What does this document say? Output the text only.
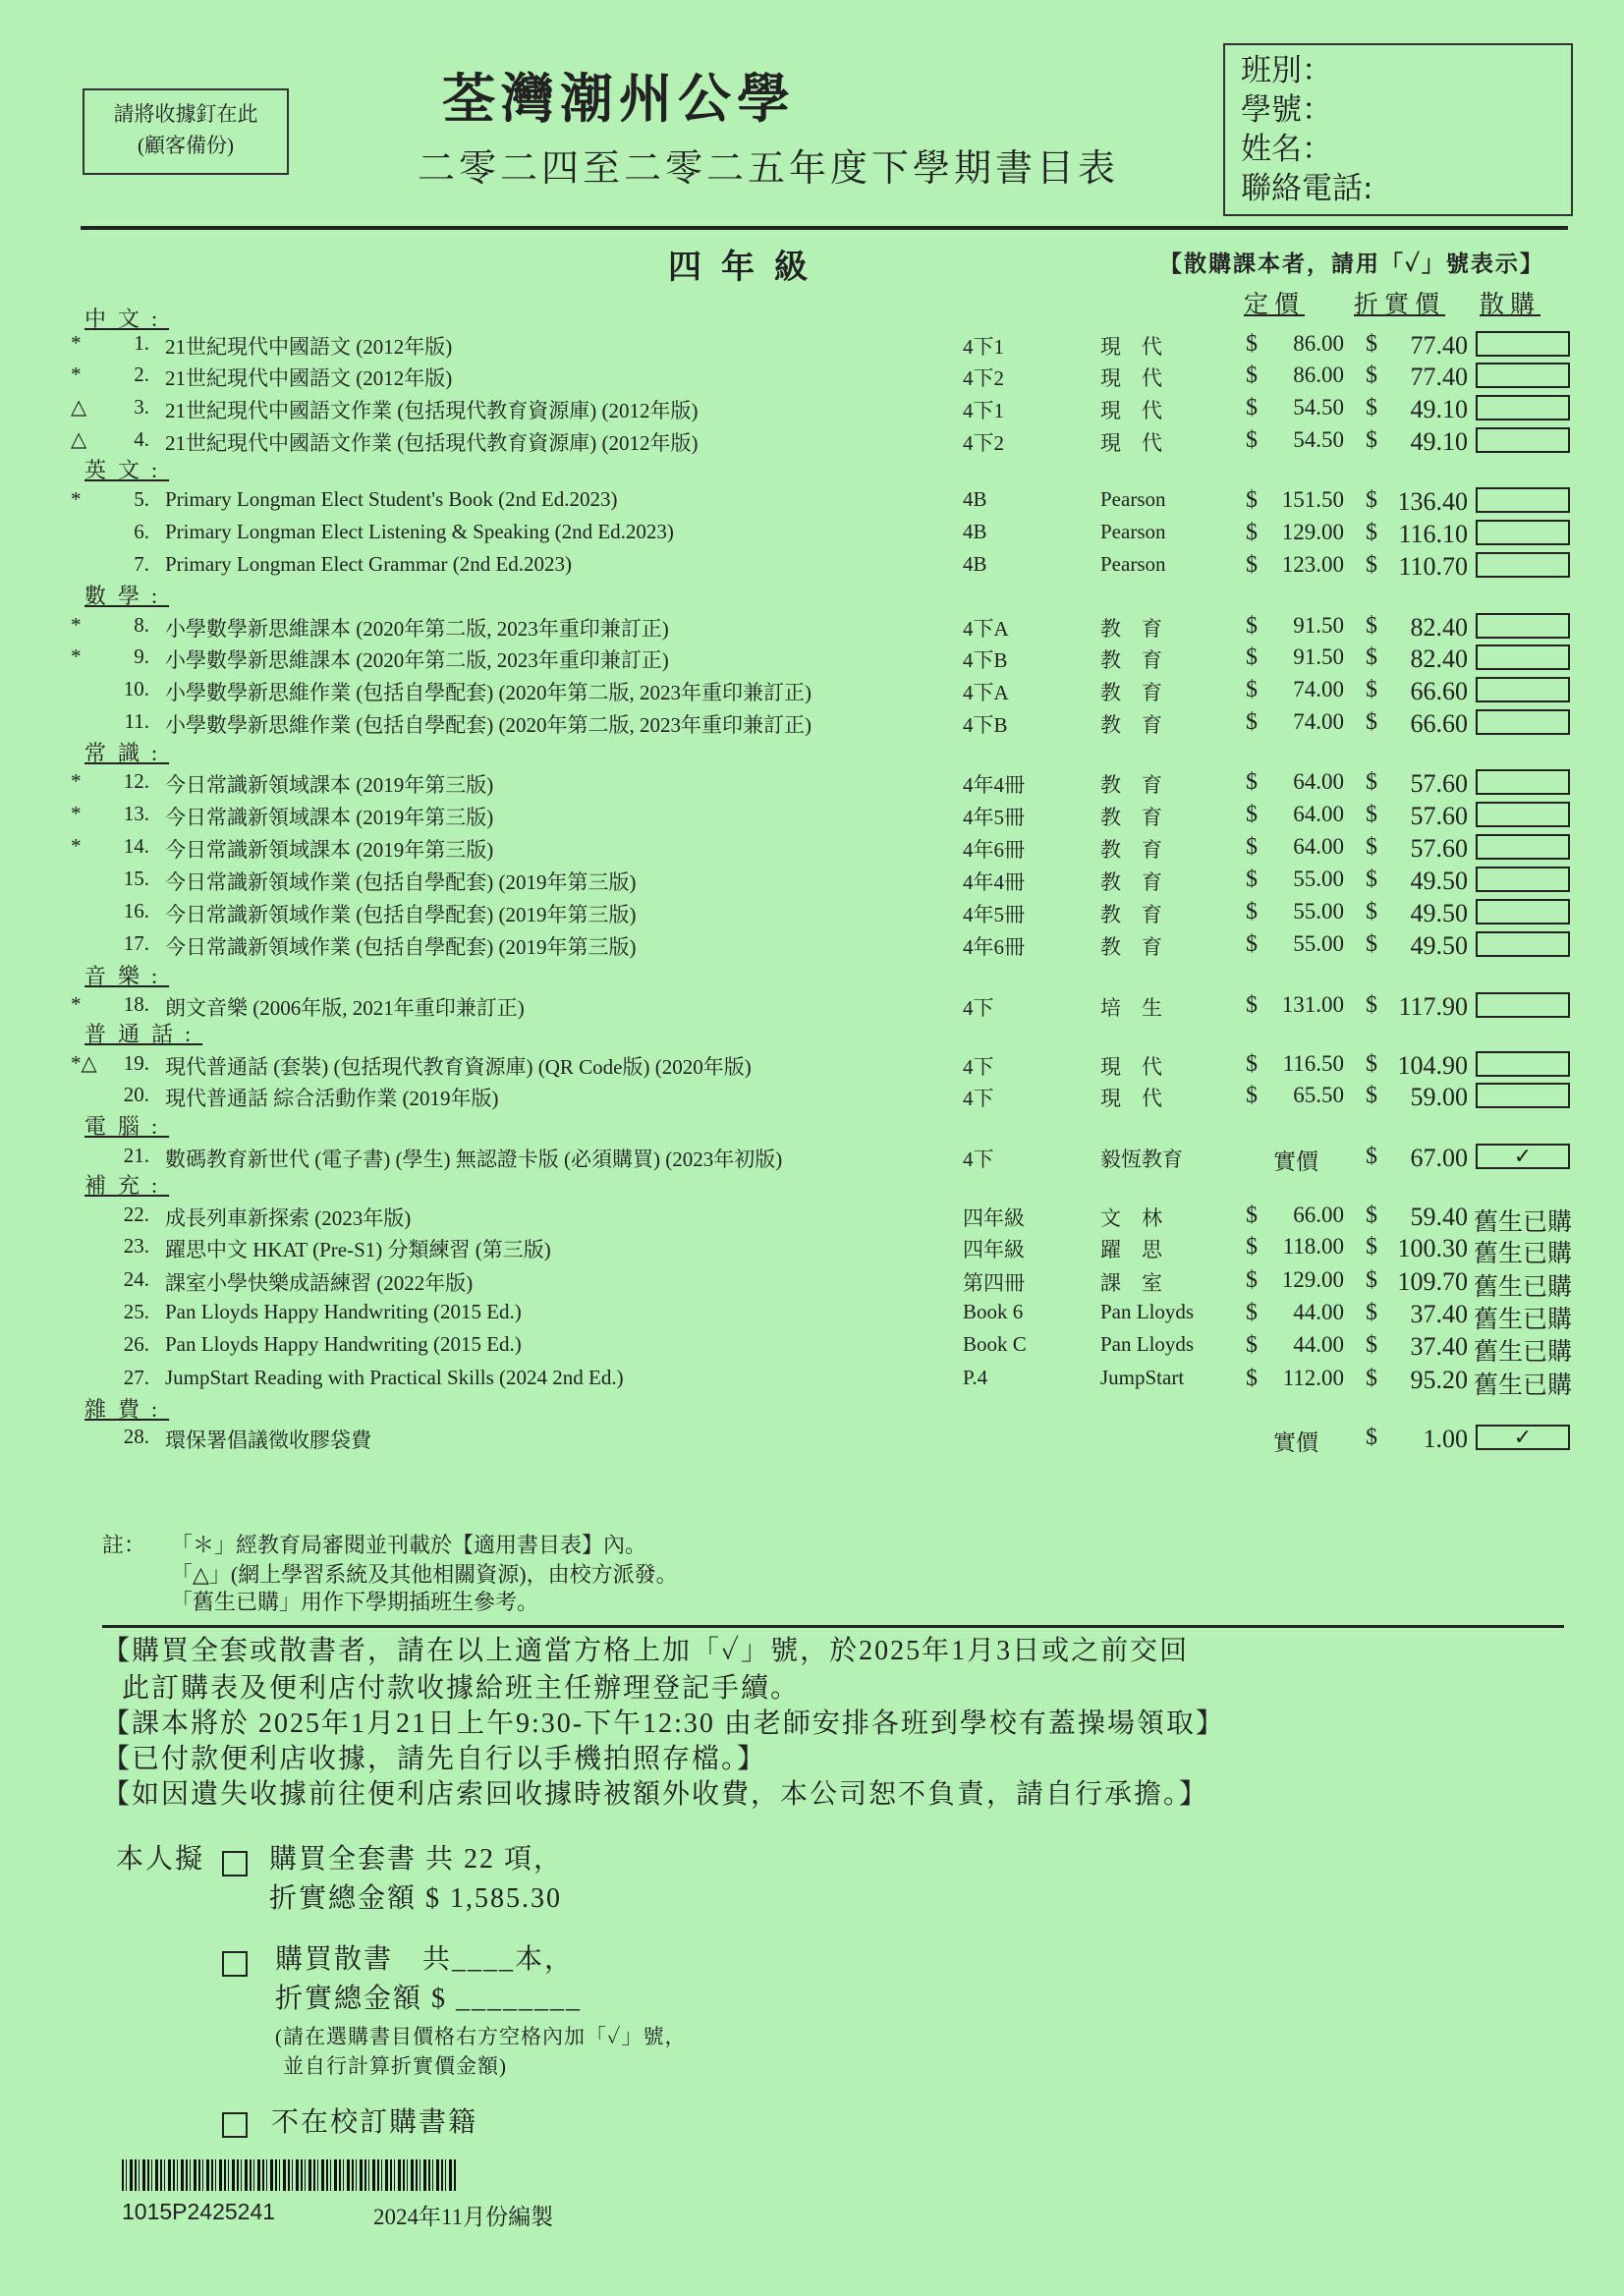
請將收據釘在此
(顧客備份)
荃灣潮州公學
二零二四至二零二五年度下學期書目表
班別：
學號：
姓名：
聯絡電話:
四年級	【散購課本者，請用「✓」號表示】
定價 折實價 散購
中文:
*	1. 21世紀現代中國語文 (2012年版)	4下1	現　代	$	86.00 $	77.40
*	2. 21世紀現代中國語文 (2012年版)	4下2	現　代	$	86.00 $	77.40
△	3. 21世紀現代中國語文作業 (包括現代教育資源庫) (2012年版)	4下1	現　代	$	54.50 $	49.10
△	4. 21世紀現代中國語文作業 (包括現代教育資源庫) (2012年版)	4下2	現　代	$	54.50 $	49.10
英文:
*	5. Primary Longman Elect Student's Book (2nd Ed.2023)	4B	Pearson	$	151.50 $ 136.40
6. Primary Longman Elect Listening & Speaking (2nd Ed.2023)	4B	Pearson	$	129.00 $ 116.10
7. Primary Longman Elect Grammar (2nd Ed.2023)	4B	Pearson	$	123.00 $ 110.70
數學:
*	8. 小學數學新思維課本 (2020年第二版, 2023年重印兼訂正)	4下A	教　育	$	91.50 $	82.40
*	9. 小學數學新思維課本 (2020年第二版, 2023年重印兼訂正)	4下B	教　育	$	91.50 $	82.40
10. 小學數學新思維作業 (包括自學配套) (2020年第二版, 2023年重印兼訂正)	4下A	教　育	$	74.00 $	66.60
11. 小學數學新思維作業 (包括自學配套) (2020年第二版, 2023年重印兼訂正)	4下B	教　育	$	74.00 $	66.60
常識:
*	12. 今日常識新領域課本 (2019年第三版)	4年4冊	教　育	$	64.00 $	57.60
*	13. 今日常識新領域課本 (2019年第三版)	4年5冊	教　育	$	64.00 $	57.60
*	14. 今日常識新領域課本 (2019年第三版)	4年6冊	教　育	$	64.00 $	57.60
15. 今日常識新領域作業 (包括自學配套) (2019年第三版)	4年4冊	教　育	$	55.00 $	49.50
16. 今日常識新領域作業 (包括自學配套) (2019年第三版)	4年5冊	教　育	$	55.00 $	49.50
17. 今日常識新領域作業 (包括自學配套) (2019年第三版)	4年6冊	教　育	$	55.00 $	49.50
音樂:
*	18. 朗文音樂 (2006年版, 2021年重印兼訂正)	4下	培　生	$	131.00 $ 117.90
普通話:
*△	19. 現代普通話 (套裝) (包括現代教育資源庫) (QR Code版) (2020年版)	4下	現　代	$	116.50 $ 104.90
20. 現代普通話 綜合活動作業 (2019年版)	4下	現　代	$	65.50 $	59.00
電腦:
21. 數碼教育新世代 (電子書) (學生) 無認證卡版 (必須購買) (2023年初版)	4下	毅恆教育	實價	$	67.00	✓
補充:
22. 成長列車新探索 (2023年版)	四年級	文　林	$	66.00 $	59.40 舊生已購
23. 躍思中文 HKAT (Pre-S1) 分類練習 (第三版)	四年級	躍　思	$	118.00 $ 100.30 舊生已購
24. 課室小學快樂成語練習 (2022年版)	第四冊	課　室	$	129.00 $ 109.70 舊生已購
25. Pan Lloyds Happy Handwriting (2015 Ed.)	Book 6	Pan Lloyds $	44.00 $	37.40 舊生已購
26. Pan Lloyds Happy Handwriting (2015 Ed.)	Book C	Pan Lloyds $	44.00 $	37.40 舊生已購
27. JumpStart Reading with Practical Skills (2024 2nd Ed.)	P.4	JumpStart	$	112.00 $	95.20 舊生已購
雜費:
28. 環保署倡議徵收膠袋費	實價	$	1.00	✓
註： 「＊」經教育局審閱並刊載於【適用書目表】內。
「△」(網上學習系統及其他相關資源)，由校方派發。
「舊生已購」用作下學期插班生參考。
【購買全套或散書者，請在以上適當方格上加「✓」號，於2025年1月3日或之前交回
此訂購表及便利店付款收據給班主任辦理登記手續。
【課本將於 2025年1月21日上午9:30-下午12:30 由老師安排各班到學校有蓋操場領取】
【已付款便利店收據，請先自行以手機拍照存檔。】
【如因遺失收據前往便利店索回收據時被額外收費，本公司恕不負責，請自行承擔。】
本人擬 購買全套書 共 22 項，
折實總金額 $ 1,585.30
購買散書　共____本，
折實總金額 $ ________
(請在選購書目價格右方空格內加「✓」號，
並自行計算折實價金額)
不在校訂購書籍
1015P2425241	2024年11月份編製
